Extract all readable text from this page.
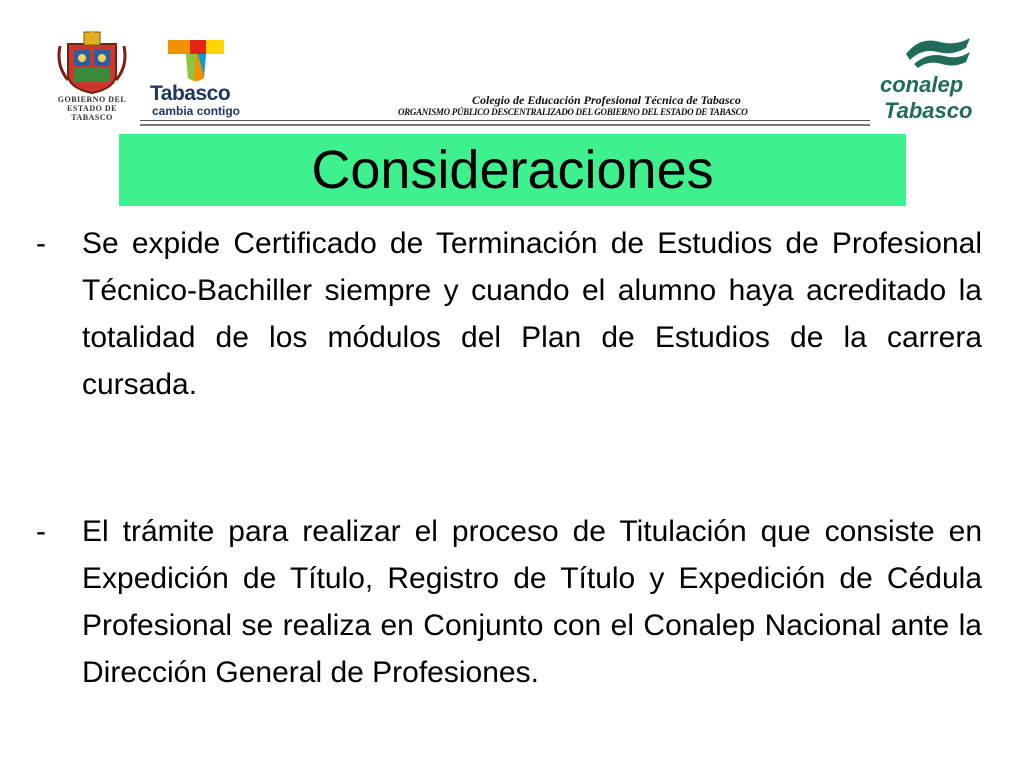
GOBIERNO DEL
ESTADO DE
TABASCO
Tabasco
cambia contigo
Colegio de Educación Profesional Técnica de Tabasco
ORGANISMO PÚBLICO DESCENTRALIZADO DEL GOBIERNO DEL ESTADO DE TABASCO
conalep
Tabasco
Consideraciones
- Se expide Certificado de Terminación de Estudios de Profesional Técnico-Bachiller siempre y cuando el alumno haya acreditado la totalidad de los módulos del Plan de Estudios de la carrera cursada.
- El trámite para realizar el proceso de Titulación que consiste en Expedición de Título, Registro de Título y Expedición de Cédula Profesional se realiza en Conjunto con el Conalep Nacional ante la Dirección General de Profesiones.
